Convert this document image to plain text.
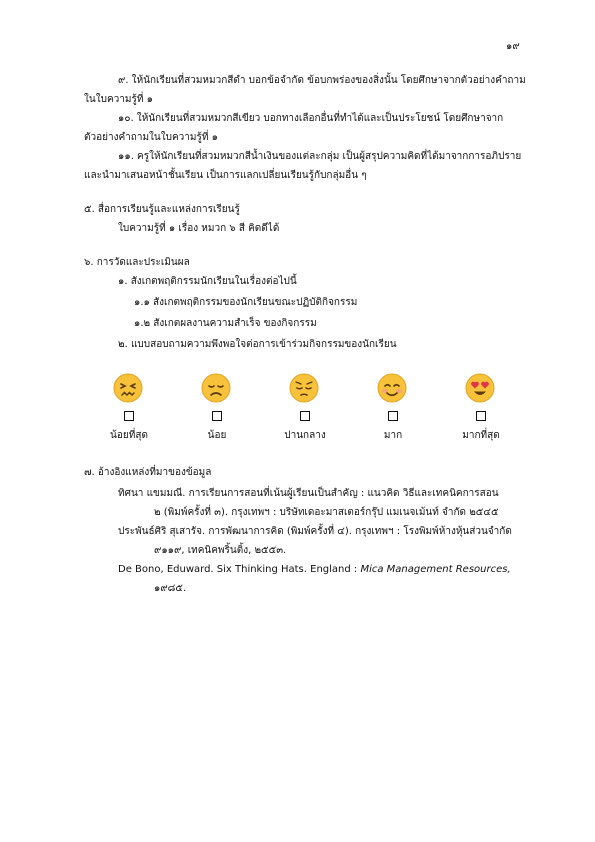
๑๙
๙. ให้นักเรียนที่สวมหมวกสีดำ บอกข้อจำกัด ข้อบกพร่องของสิ่งนั้น โดยศึกษาจากตัวอย่างคำถาม
ในใบความรู้ที่ ๑
๑๐. ให้นักเรียนที่สวมหมวกสีเขียว บอกทางเลือกอื่นที่ทำได้และเป็นประโยชน์ โดยศึกษาจาก
ตัวอย่างคำถามในใบความรู้ที่ ๑
๑๑. ครูให้นักเรียนที่สวมหมวกสีน้ำเงินของแต่ละกลุ่ม เป็นผู้สรุปความคิดที่ได้มาจากการอภิปราย
และนำมาเสนอหน้าชั้นเรียน เป็นการแลกเปลี่ยนเรียนรู้กับกลุ่มอื่น ๆ
๕. สื่อการเรียนรู้และแหล่งการเรียนรู้
ใบความรู้ที่ ๑ เรื่อง หมวก ๖ สี คิดดีได้
๖. การวัดและประเมินผล
๑. สังเกตพฤติกรรมนักเรียนในเรื่องต่อไปนี้
๑.๑ สังเกตพฤติกรรมของนักเรียนขณะปฏิบัติกิจกรรม
๑.๒ สังเกตผลงานความสำเร็จ ของกิจกรรม
๒. แบบสอบถามความพึงพอใจต่อการเข้าร่วมกิจกรรมของนักเรียน
น้อยที่สุด	น้อย	ปานกลาง	มาก	มากที่สุด
๗. อ้างอิงแหล่งที่มาของข้อมูล
ทิศนา แขมมณี. การเรียนการสอนที่เน้นผู้เรียนเป็นสำคัญ : แนวคิด วิธีและเทคนิคการสอน
๒ (พิมพ์ครั้งที่ ๓). กรุงเทพฯ : บริษัทเดอะมาสเตอร์กรุ๊ป แมเนจเม้นท์ จำกัด ๒๕๔๕
ประพันธ์ศิริ สุเสารัจ. การพัฒนาการคิด (พิมพ์ครั้งที่ ๔). กรุงเทพฯ : โรงพิมพ์ห้างหุ้นส่วนจำกัด
๙๑๑๙, เทคนิคพริ้นติ้ง, ๒๕๕๓.
De Bono, Eduward. Six Thinking Hats. England : Mica Management Resources,
๑๙๘๕.
